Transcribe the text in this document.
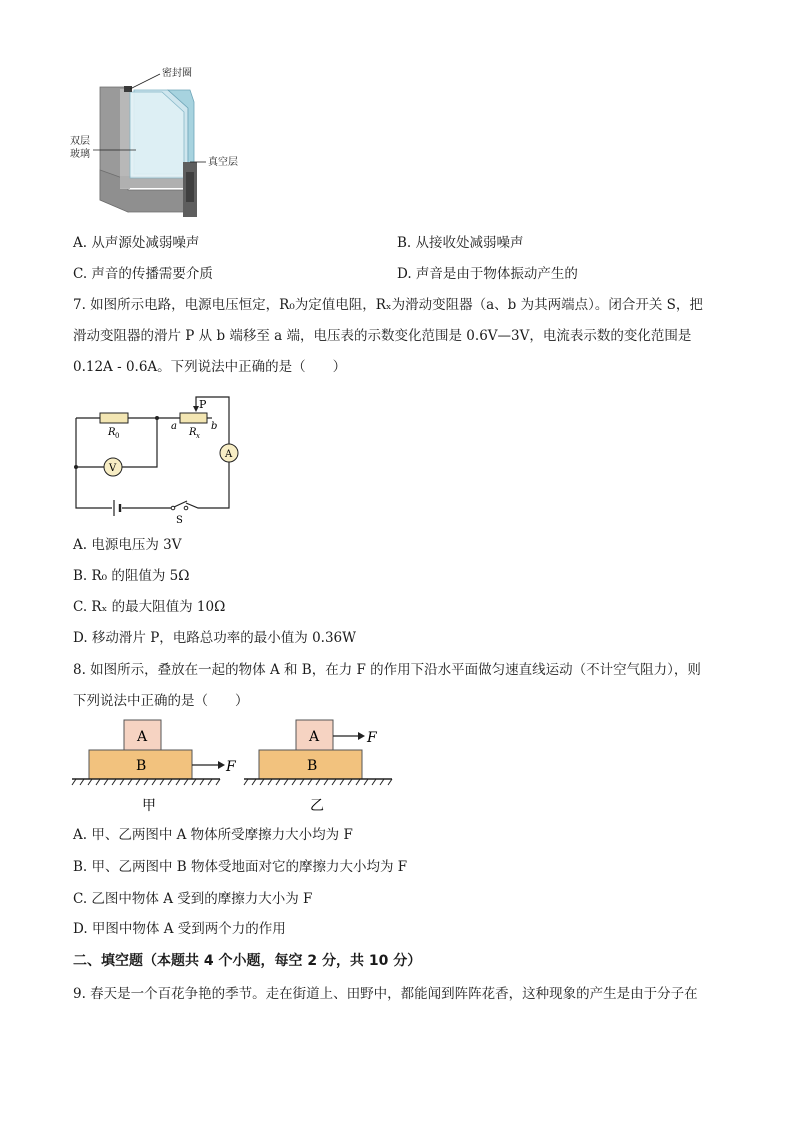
密封圈
双层
玻璃
真空层
A. 从声源处减弱噪声	B. 从接收处减弱噪声
C. 声音的传播需要介质	D. 声音是由于物体振动产生的
7. 如图所示电路，电源电压恒定，R₀为定值电阻，Rₓ为滑动变阻器（a、b 为其两端点）。闭合开关 S，把
滑动变阻器的滑片 P 从 b 端移至 a 端，电压表的示数变化范围是 0.6V—3V，电流表示数的变化范围是
0.12A - 0.6A。下列说法中正确的是（　　）
R 0
P
a	b
R x
V
A
S
A. 电源电压为 3V
B. R₀ 的阻值为 5Ω
C. Rₓ 的最大阻值为 10Ω
D. 移动滑片 P，电路总功率的最小值为 0.36W
8. 如图所示，叠放在一起的物体 A 和 B，在力 F 的作用下沿水平面做匀速直线运动（不计空气阻力），则
下列说法中正确的是（　　）
A
B	F
甲
A	F
B
乙
A. 甲、乙两图中 A 物体所受摩擦力大小均为 F
B. 甲、乙两图中 B 物体受地面对它的摩擦力大小均为 F
C. 乙图中物体 A 受到的摩擦力大小为 F
D. 甲图中物体 A 受到两个力的作用
二、填空题（本题共 4 个小题，每空 2 分，共 10 分）
9. 春天是一个百花争艳的季节。走在街道上、田野中，都能闻到阵阵花香，这种现象的产生是由于分子在
